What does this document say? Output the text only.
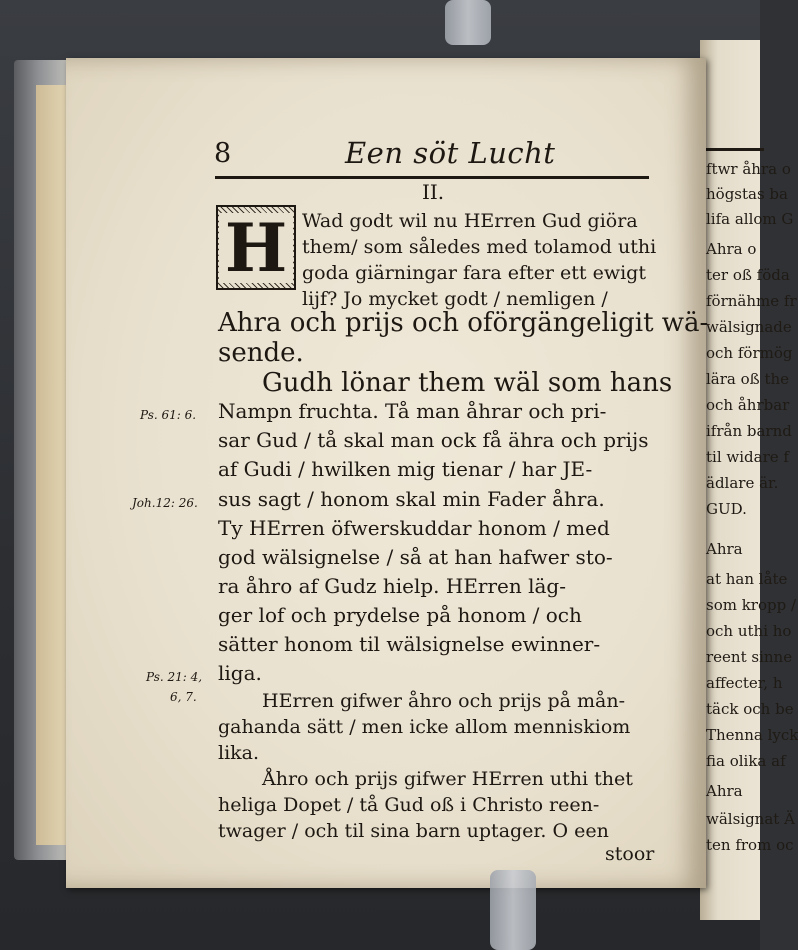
8	Een söt Lucht
II.
H Wad godt wil nu HErren Gud giöra
them/ som således med tolamod uthi
goda giärningar fara efter ett ewigt
lijf? Jo mycket godt / nemligen /
Ahra och prijs och oförgängeligit wä-
sende.
Gudh lönar them wäl som hans
Nampn fruchta. Tå man åhrar och pri-
sar Gud / tå skal man ock få ähra och prijs
af Gudi / hwilken mig tienar / har JE-
sus sagt / honom skal min Fader åhra.
Ty HErren öfwerskuddar honom / med
god wälsignelse / så at han hafwer sto-
ra åhro af Gudz hielp. HErren läg-
ger lof och prydelse på honom / och
sätter honom til wälsignelse ewinner-
liga.
HErren gifwer åhro och prijs på mån-
gahanda sätt / men icke allom menniskiom
lika.
Åhro och prijs gifwer HErren uthi thet
heliga Dopet / tå Gud oß i Christo reen-
twager / och til sina barn uptager. O een
stoor
Ps. 61: 6.
Joh.12: 26.
Ps. 21: 4,
6, 7.
ftwr åhra o
högstas ba
lifa allom G
Ahra o
ter oß föda
förnähme fr
wälsignade
och förmög
lära oß the
och åhrbar
ifrån barnd
til widare f
ädlare är.
GUD.
Ahra
at han låte
som kropp /
och uthi ho
reent sinne
affecter, h
täck och be
Thenna lyck
fia olika af
Ahra
wälsignat Ä
ten from oc
